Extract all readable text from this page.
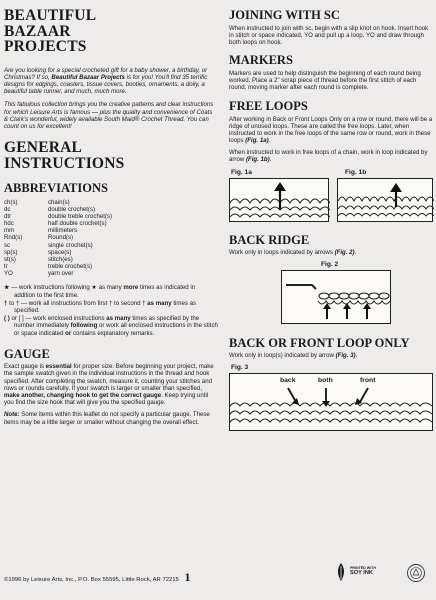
BEAUTIFUL BAZAAR PROJECTS

Are you looking for a special crocheted gift for a baby shower, a birthday, or Christmas? If so, Beautiful Bazaar Projects is for you! You'll find 35 terrific designs for edgings, coasters, tissue covers, booties, ornaments, a doily, a beautiful table runner, and much, much more.

This fabulous collection brings you the creative patterns and clear instructions for which Leisure Arts is famous — plus the quality and convenience of Coats & Clark's wonderful, widely available South Maid® Crochet Thread. You can count on us for excellent!

GENERAL INSTRUCTIONS
ABBREVIATIONS
ch(s)	chain(s)
dc	double crochet(s)
dtr	double treble crochet(s)
hdc	half double crochet(s)
mm	millimeters
Rnd(s)	Round(s)
sc	single crochet(s)
sp(s)	space(s)
st(s)	stitch(es)
tr	treble crochet(s)
YO	yarn over

★ — work instructions following ★ as many more times as indicated in addition to the first time.

† to † — work all instructions from first † to second † as many times as specified.

( ) or [ ] — work enclosed instructions as many times as specified by the number immediately following or work all enclosed instructions in the stitch or space indicated or contains explanatory remarks.

GAUGE

Exact gauge is essential for proper size. Before beginning your project, make the sample swatch given in the individual instructions in the thread and hook specified. After completing the swatch, measure it, counting your stitches and rows or rounds carefully. If your swatch is larger or smaller than specified, make another, changing hook to get the correct gauge. Keep trying until you find the size hook that will give you the specified gauge.

Note: Some items within this leaflet do not specify a particular gauge. These items may be a little larger or smaller without changing the overall effect.

JOINING WITH SC

When instructed to join with sc, begin with a slip knot on hook. Insert hook in stitch or space indicated, YO and pull up a loop, YO and draw through both loops on hook.

MARKERS

Markers are used to help distinguish the beginning of each round being worked. Place a 2" scrap piece of thread before the first stitch of each round, moving marker after each round is complete.

FREE LOOPS

After working in Back or Front Loops Only on a row or round, there will be a ridge of unused loops. These are called the free loops. Later, when instructed to work in the free loops of the same row or round, work in these loops (Fig. 1a).

When instructed to work in free loops of a chain, work in loop indicated by arrow (Fig. 1b).

Fig. 1a	Fig. 1b
BACK RIDGE

Work only in loops indicated by arrows (Fig. 2).

Fig. 2
BACK OR FRONT LOOP ONLY

Work only in loop(s) indicated by arrow (Fig. 3).

Fig. 3
back	both	front
©1996 by Leisure Arts, Inc., P.O. Box 55595, Little Rock, AR 72215 1
PRINTED WITH
SOY INK
